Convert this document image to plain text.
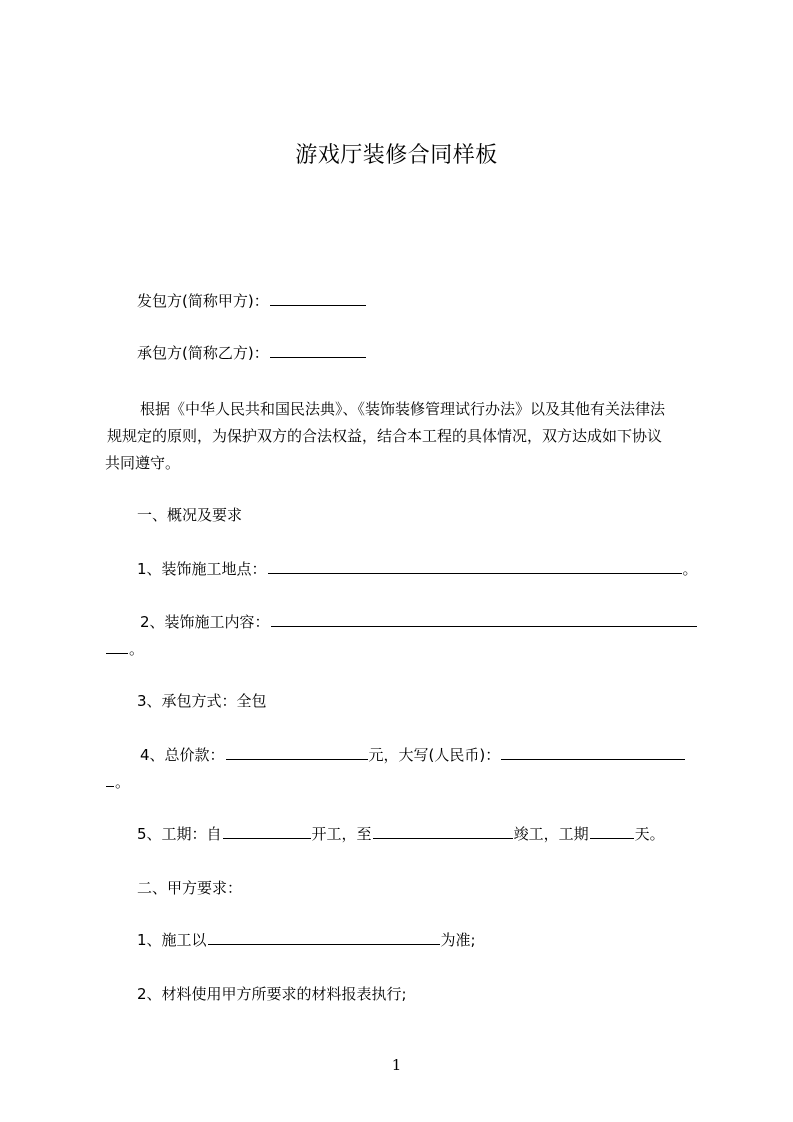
游戏厅装修合同样板
发包方(简称甲方)：
承包方(简称乙方)：
根据《中华人民共和国民法典》、《装饰装修管理试行办法》以及其他有关法律法
规规定的原则，为保护双方的合法权益，结合本工程的具体情况，双方达成如下协议
共同遵守。
一、概况及要求
1、装饰施工地点：	。
2、装饰施工内容：
。
3、承包方式：全包
4、总价款：	元，大写(人民币)：
。
5、工期：自	开工，至	竣工，工期	天。
二、甲方要求：
1、施工以	为准;
2、材料使用甲方所要求的材料报表执行;
1
